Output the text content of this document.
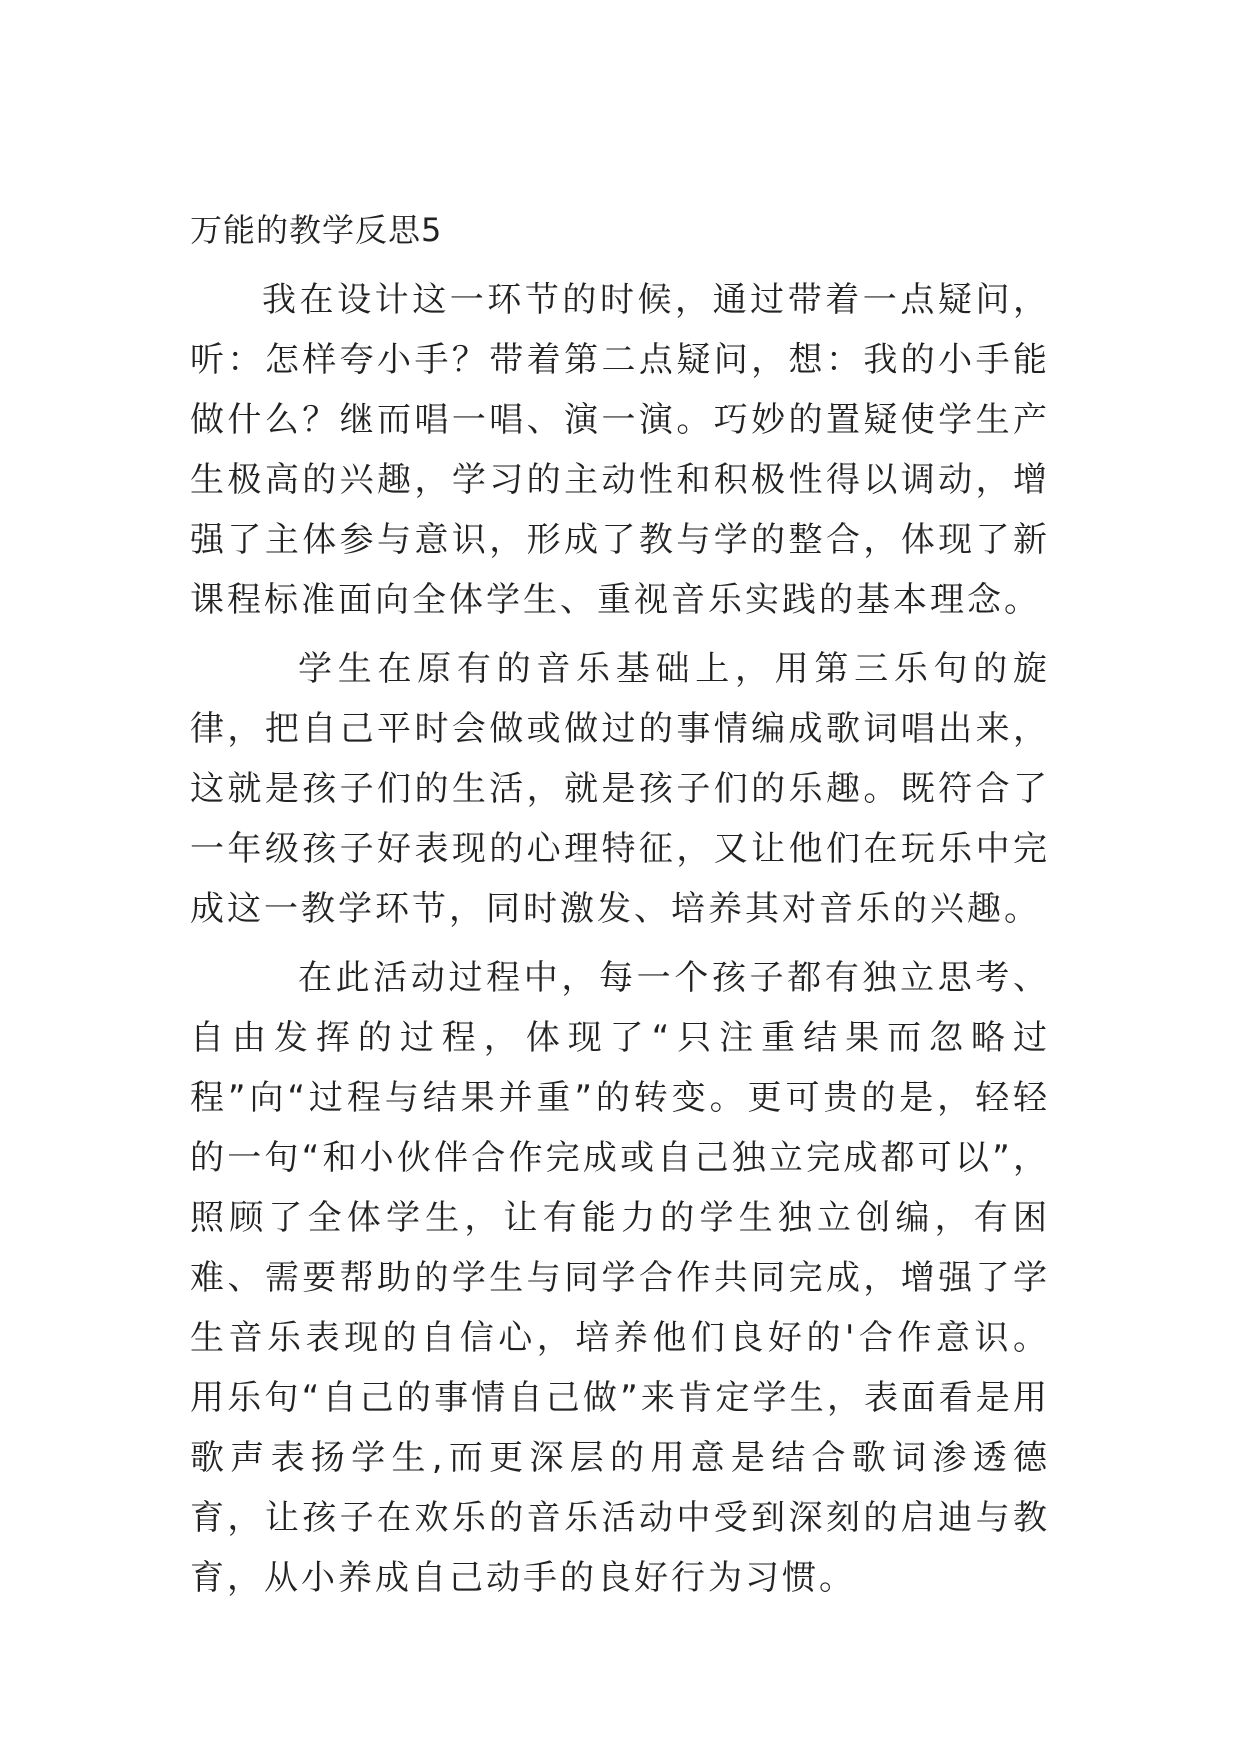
万能的教学反思5

我在设计这一环节的时候，通过带着一点疑问，听：怎样夸小手？带着第二点疑问，想：我的小手能做什么？继而唱一唱、演一演。巧妙的置疑使学生产生极高的兴趣，学习的主动性和积极性得以调动，增强了主体参与意识，形成了教与学的整合，体现了新课程标准面向全体学生、重视音乐实践的基本理念。

学生在原有的音乐基础上，用第三乐句的旋律，把自己平时会做或做过的事情编成歌词唱出来，这就是孩子们的生活，就是孩子们的乐趣。既符合了一年级孩子好表现的心理特征，又让他们在玩乐中完成这一教学环节，同时激发、培养其对音乐的兴趣。

在此活动过程中，每一个孩子都有独立思考、自由发挥的过程，体现了“只注重结果而忽略过程”向“过程与结果并重”的转变。更可贵的是，轻轻的一句“和小伙伴合作完成或自己独立完成都可以”，照顾了全体学生，让有能力的学生独立创编，有困难、需要帮助的学生与同学合作共同完成，增强了学生音乐表现的自信心，培养他们良好的'合作意识。用乐句“自己的事情自己做”来肯定学生，表面看是用歌声表扬学生,而更深层的用意是结合歌词渗透德育，让孩子在欢乐的音乐活动中受到深刻的启迪与教育，从小养成自己动手的良好行为习惯。
